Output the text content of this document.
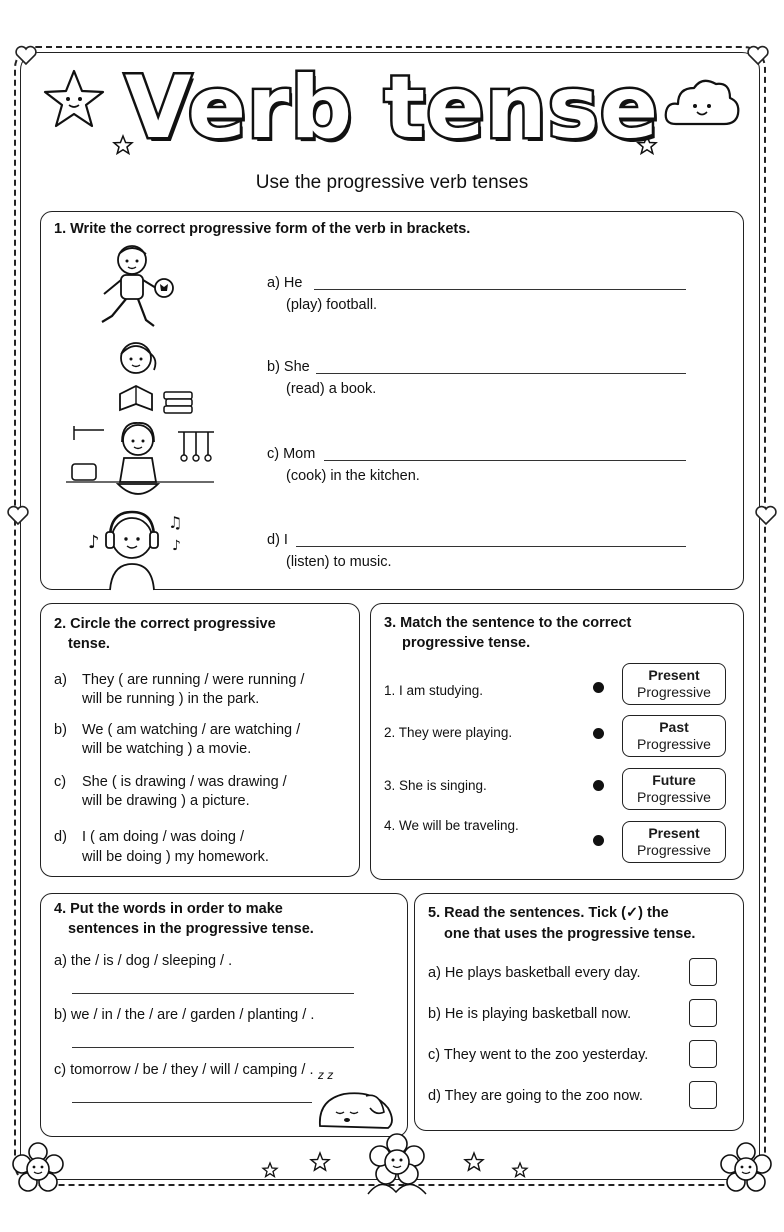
Verb tense
Use the progressive verb tenses
1. Write the correct progressive form of the verb in brackets.
♪
♫
♪
a) He
(play) football.
b) She
(read) a book.
c) Mom
(cook) in the kitchen.
d) I
(listen) to music.
2. Circle the correct progressive
tense.
a) They ( are running / were running /
will be running ) in the park.
b) We ( am watching / are watching /
will be watching ) a movie.
c) She ( is drawing / was drawing /
will be drawing ) a picture.
d) I ( am doing / was doing /
will be doing ) my homework.
3. Match the sentence to the correct
progressive tense.
1. I am studying.
2. They were playing.
3. She is singing.
4. We will be traveling.
Present
Progressive
Past
Progressive
Future
Progressive
Present
Progressive
4. Put the words in order to make
sentences in the progressive tense.
a) the / is / dog / sleeping / .
b) we / in / the / are / garden / planting / .
c) tomorrow / be / they / will / camping / . z z
5. Read the sentences. Tick (✓) the
one that uses the progressive tense.
a) He plays basketball every day.
b) He is playing basketball now.
c) They went to the zoo yesterday.
d) They are going to the zoo now.
